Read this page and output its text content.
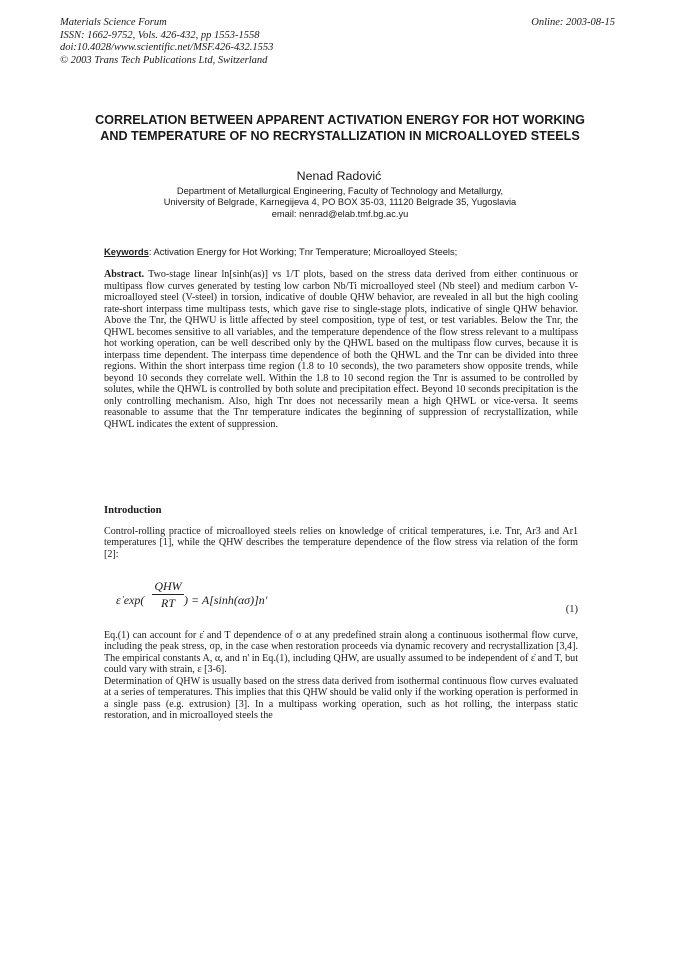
Materials Science Forum
ISSN: 1662-9752, Vols. 426-432, pp 1553-1558
doi:10.4028/www.scientific.net/MSF.426-432.1553
© 2003 Trans Tech Publications Ltd, Switzerland
Online: 2003-08-15
CORRELATION BETWEEN APPARENT ACTIVATION ENERGY FOR HOT WORKING AND TEMPERATURE OF NO RECRYSTALLIZATION IN MICROALLOYED STEELS
Nenad Radović
Department of Metallurgical Engineering, Faculty of Technology and Metallurgy,
University of Belgrade, Karnegijeva 4, PO BOX 35-03, 11120 Belgrade 35, Yugoslavia
email: nenrad@elab.tmf.bg.ac.yu
Keywords: Activation Energy for Hot Working; Tnr Temperature; Microalloyed Steels;

Abstract. Two-stage linear ln[sinh(as)] vs 1/T plots, based on the stress data derived from either continuous or multipass flow curves generated by testing low carbon Nb/Ti microalloyed steel (Nb steel) and medium carbon V-microalloyed steel (V-steel) in torsion, indicative of double QHW behavior, are revealed in all but the high cooling rate-short interpass time multipass tests, which gave rise to single-stage plots, indicative of single QHW behavior. Above the Tnr, the QHWU is little affected by steel composition, type of test, or test variables. Below the Tnr, the QHWL becomes sensitive to all variables, and the temperature dependence of the flow stress relevant to a multipass hot working operation, can be well described only by the QHWL based on the multipass flow curves, because it is interpass time dependent. The interpass time dependence of both the QHWL and the Tnr can be divided into three regions. Within the short interpass time region (1.8 to 10 seconds), the two parameters show opposite trends, while beyond 10 seconds they correlate well. Within the 1.8 to 10 second region the Tnr is assumed to be controlled by solutes, while the QHWL is controlled by both solute and precipitation effect. Beyond 10 seconds precipitation is the only controlling mechanism. Also, high Tnr does not necessarily mean a high QHWL or vice-versa. It seems reasonable to assume that the Tnr temperature indicates the beginning of suppression of recrystallization, while QHWL indicates the extent of suppression.

Introduction
Control-rolling practice of microalloyed steels relies on knowledge of critical temperatures, i.e. Tnr, Ar3 and Ar1 temperatures [1], while the QHW describes the temperature dependence of the flow stress via relation of the form [2]:
ε̇ exp(
QHW
RT ) = A[sinh(ασ)]n'
(1)
Eq.(1) can account for ε̇ and T dependence of σ at any predefined strain along a continuous isothermal flow curve, including the peak stress, σp, in the case when restoration proceeds via dynamic recovery and recrystallization [3,4]. The empirical constants A, α, and n' in Eq.(1), including QHW, are usually assumed to be independent of ε̇ and T, but could vary with strain, ε [3-6].
Determination of QHW is usually based on the stress data derived from isothermal continuous flow curves evaluated at a series of temperatures. This implies that this QHW should be valid only if the working operation is performed in a single pass (e.g. extrusion) [3]. In a multipass working operation, such as hot rolling, the interpass static restoration, and in microalloyed steels the
